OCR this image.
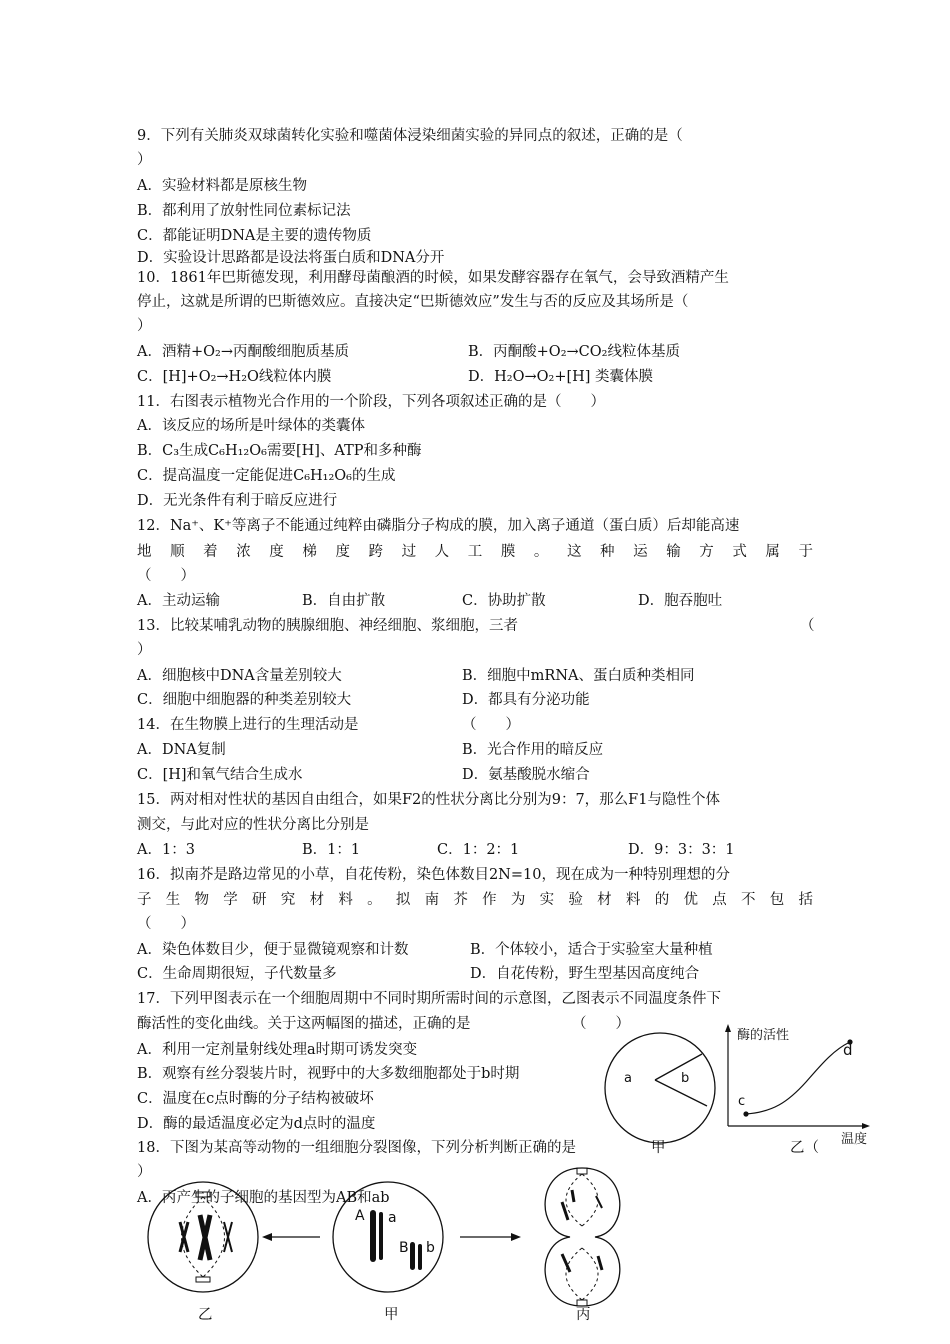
9．下列有关肺炎双球菌转化实验和噬菌体浸染细菌实验的异同点的叙述，正确的是（
）
A．实验材料都是原核生物
B．都利用了放射性同位素标记法
C．都能证明DNA是主要的遗传物质
D．实验设计思路都是设法将蛋白质和DNA分开
10．1861年巴斯德发现，利用酵母菌酿酒的时候，如果发酵容器存在氧气，会导致酒精产生
停止，这就是所谓的巴斯德效应。直接决定“巴斯德效应”发生与否的反应及其场所是（
）
A．酒精+O₂→丙酮酸细胞质基质	B．丙酮酸+O₂→CO₂线粒体基质
C．[H]+O₂→H₂O线粒体内膜	D．H₂O→O₂+[H] 类囊体膜
11．右图表示植物光合作用的一个阶段，下列各项叙述正确的是（　　）
A．该反应的场所是叶绿体的类囊体
B．C₃生成C₆H₁₂O₆需要[H]、ATP和多种酶
C．提高温度一定能促进C₆H₁₂O₆的生成
D．无光条件有利于暗反应进行
12．Na⁺、K⁺等离子不能通过纯粹由磷脂分子构成的膜，加入离子通道（蛋白质）后却能高速
地顺着浓度梯度跨过人工膜。这种运输方式属于
（　　）
A．主动运输	B．自由扩散	C．协助扩散	D．胞吞胞吐
13．比较某哺乳动物的胰腺细胞、神经细胞、浆细胞，三者	（
）
A．细胞核中DNA含量差别较大	B．细胞中mRNA、蛋白质种类相同
C．细胞中细胞器的种类差别较大	D．都具有分泌功能
14．在生物膜上进行的生理活动是	（　　）
A．DNA复制	B．光合作用的暗反应
C．[H]和氧气结合生成水	D．氨基酸脱水缩合
15．两对相对性状的基因自由组合，如果F2的性状分离比分别为9：7，那么F1与隐性个体
测交，与此对应的性状分离比分别是
A．1：3	B．1：1	C．1：2：1	D．9：3：3：1
16．拟南芥是路边常见的小草，自花传粉，染色体数目2N=10，现在成为一种特别理想的分
子生物学研究材料。拟南芥作为实验材料的优点不包括
（　　）
A．染色体数目少，便于显微镜观察和计数	B．个体较小，适合于实验室大量种植
C．生命周期很短，子代数量多	D．自花传粉，野生型基因高度纯合
17．下列甲图表示在一个细胞周期中不同时期所需时间的示意图，乙图表示不同温度条件下
酶活性的变化曲线。关于这两幅图的描述，正确的是	（　　）
A．利用一定剂量射线处理a时期可诱发突变
B．观察有丝分裂装片时，视野中的大多数细胞都处于b时期
C．温度在c点时酶的分子结构被破坏
D．酶的最适温度必定为d点时的温度
a	b
甲
酶的活性
c
d
温度
乙（
18．下图为某高等动物的一组细胞分裂图像，下列分析判断正确的是
）
A．丙产生的子细胞的基因型为AB和ab
A a
B b
乙	甲	丙
